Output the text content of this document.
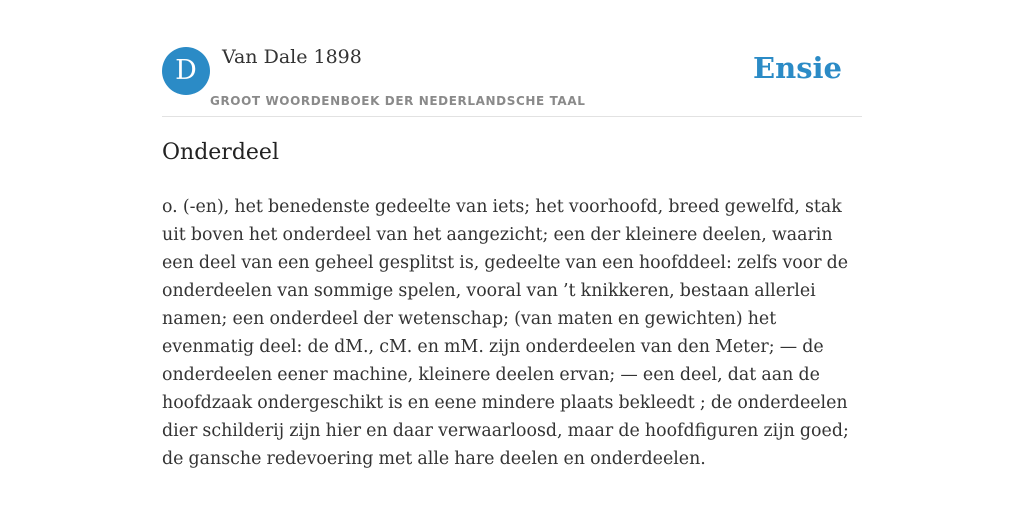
D	Van Dale 1898
GROOT WOORDENBOEK DER NEDERLANDSCHE TAAL
Ensie
Onderdeel

o. (-en), het benedenste gedeelte van iets; het voorhoofd, breed gewelfd, stak uit boven het onderdeel van het aangezicht; een der kleinere deelen, waarin een deel van een geheel gesplitst is, gedeelte van een hoofddeel: zelfs voor de onderdeelen van sommige spelen, vooral van ’t knikkeren, bestaan allerlei namen; een onderdeel der wetenschap; (van maten en gewichten) het evenmatig deel: de dM., cM. en mM. zijn onderdeelen van den Meter; — de onderdeelen eener machine, kleinere deelen ervan; — een deel, dat aan de hoofdzaak ondergeschikt is en eene mindere plaats bekleedt ; de onderdeelen dier schilderij zijn hier en daar verwaarloosd, maar de hoofdfiguren zijn goed; de gansche redevoering met alle hare deelen en onderdeelen.
